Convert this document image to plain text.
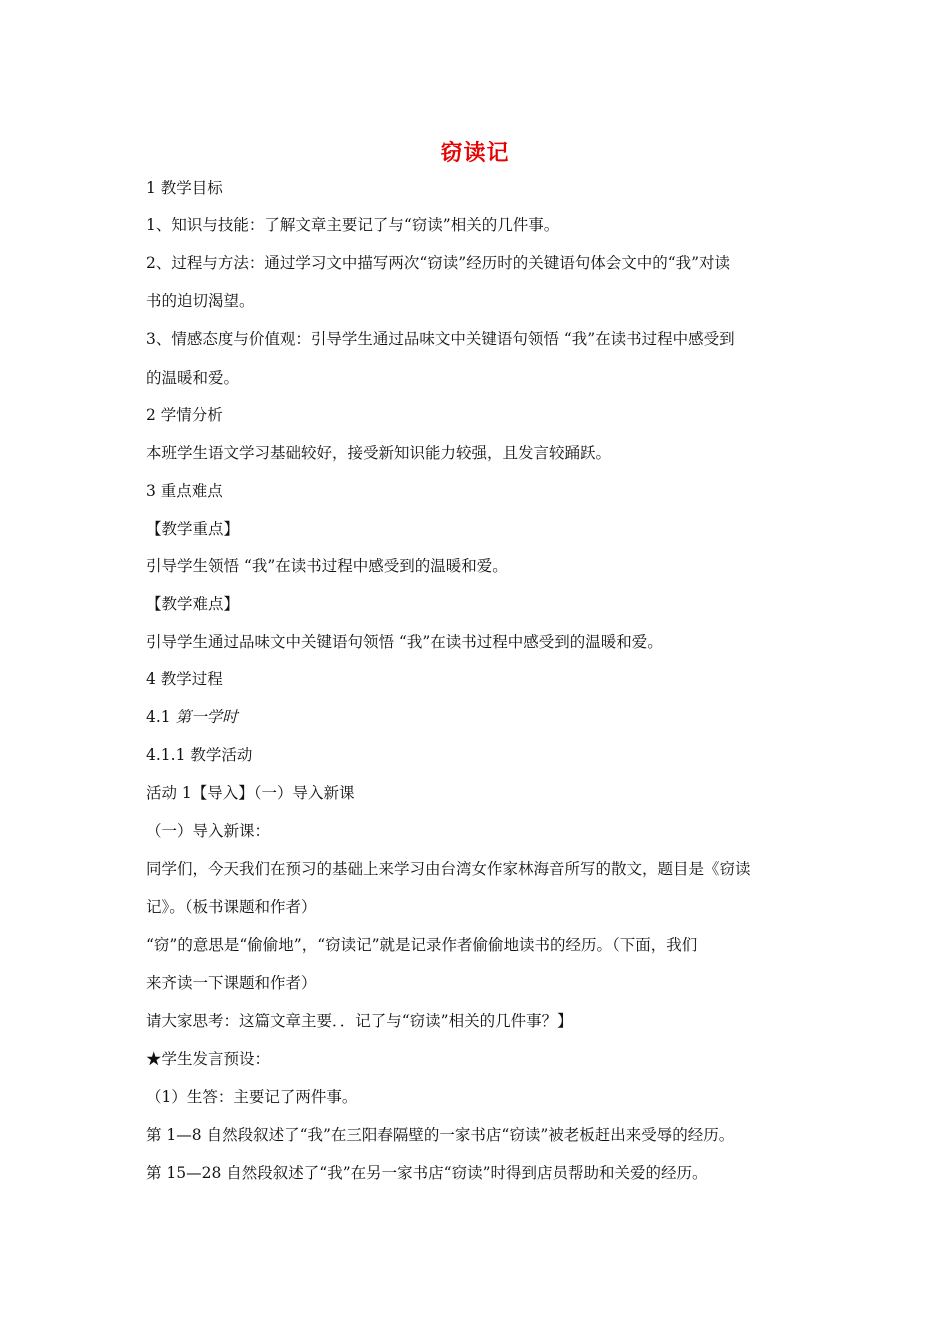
窃读记
1 教学目标
1、知识与技能：了解文章主要记了与“窃读”相关的几件事。
2、过程与方法：通过学习文中描写两次“窃读”经历时的关键语句体会文中的“我”对读
书的迫切渴望。
3、情感态度与价值观：引导学生通过品味文中关键语句领悟 “我”在读书过程中感受到
的温暖和爱。
2 学情分析
本班学生语文学习基础较好，接受新知识能力较强，且发言较踊跃。
3 重点难点
【教学重点】
引导学生领悟 “我”在读书过程中感受到的温暖和爱。
【教学难点】
引导学生通过品味文中关键语句领悟 “我”在读书过程中感受到的温暖和爱。
4 教学过程
4.1 第一学时
4.1.1 教学活动
活动 1【导入】（一）导入新课
（一）导入新课：
同学们，今天我们在预习的基础上来学习由台湾女作家林海音所写的散文，题目是《窃读
记》。（板书课题和作者）
“窃”的意思是“偷偷地”，“窃读记”就是记录作者偷偷地读书的经历。（下面，我们
来齐读一下课题和作者）
请大家思考：这篇文章主要．．记了与“窃读”相关的几件事？】
★学生发言预设：
（1）生答：主要记了两件事。
第 1—8 自然段叙述了“我”在三阳春隔壁的一家书店“窃读”被老板赶出来受辱的经历。
第 15—28 自然段叙述了“我”在另一家书店“窃读”时得到店员帮助和关爱的经历。
